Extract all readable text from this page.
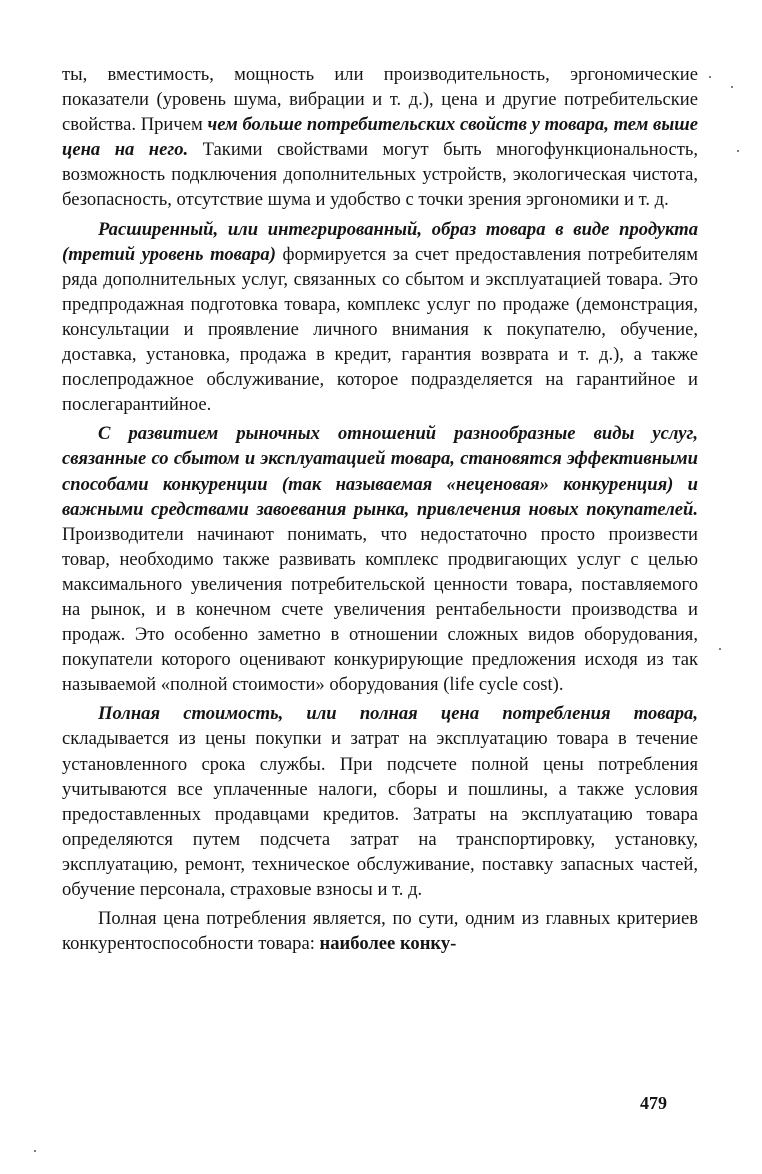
ты, вместимость, мощность или производительность, эргономические показатели (уровень шума, вибрации и т. д.), цена и другие потребительские свойства. Причем чем больше потребительских свойств у товара, тем выше цена на него. Такими свойствами могут быть многофункциональность, возможность подключения дополнительных устройств, экологическая чистота, безопасность, отсутствие шума и удобство с точки зрения эргономики и т. д.

Расширенный, или интегрированный, образ товара в виде продукта (третий уровень товара) формируется за счет предоставления потребителям ряда дополнительных услуг, связанных со сбытом и эксплуатацией товара. Это предпродажная подготовка товара, комплекс услуг по продаже (демонстрация, консультации и проявление личного внимания к покупателю, обучение, доставка, установка, продажа в кредит, гарантия возврата и т. д.), а также послепродажное обслуживание, которое подразделяется на гарантийное и послегарантийное.

С развитием рыночных отношений разнообразные виды услуг, связанные со сбытом и эксплуатацией товара, становятся эффективными способами конкуренции (так называемая «неценовая» конкуренция) и важными средствами завоевания рынка, привлечения новых покупателей. Производители начинают понимать, что недостаточно просто произвести товар, необходимо также развивать комплекс продвигающих услуг с целью максимального увеличения потребительской ценности товара, поставляемого на рынок, и в конечном счете увеличения рентабельности производства и продаж. Это особенно заметно в отношении сложных видов оборудования, покупатели которого оценивают конкурирующие предложения исходя из так называемой «полной стоимости» оборудования (life cycle cost).

Полная стоимость, или полная цена потребления товара, складывается из цены покупки и затрат на эксплуатацию товара в течение установленного срока службы. При подсчете полной цены потребления учитываются все уплаченные налоги, сборы и пошлины, а также условия предоставленных продавцами кредитов. Затраты на эксплуатацию товара определяются путем подсчета затрат на транспортировку, установку, эксплуатацию, ремонт, техническое обслуживание, поставку запасных частей, обучение персонала, страховые взносы и т. д.

Полная цена потребления является, по сути, одним из главных критериев конкурентоспособности товара: наиболее конку-

479
